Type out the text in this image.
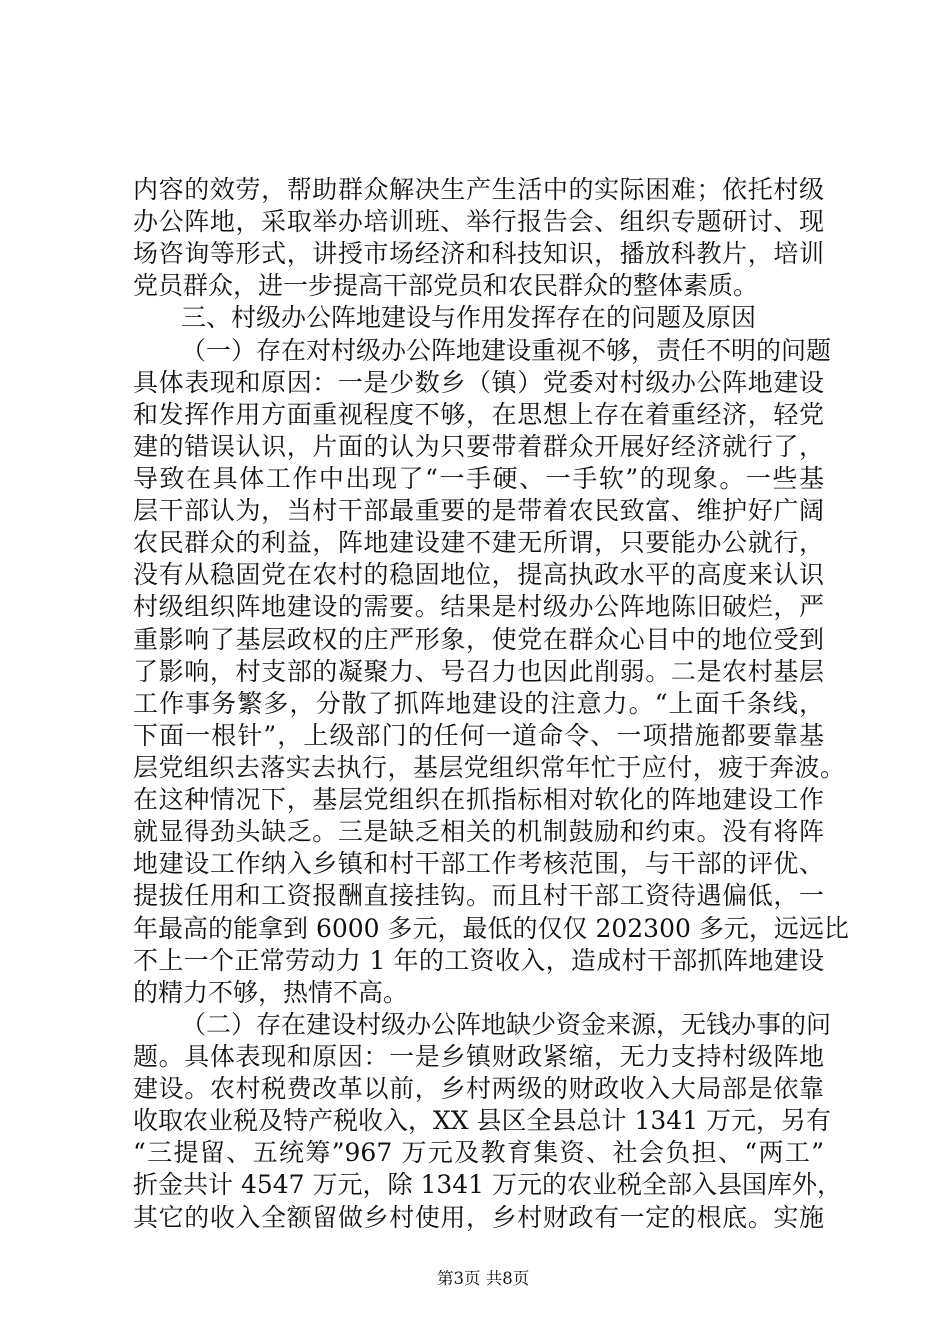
内容的效劳，帮助群众解决生产生活中的实际困难；依托村级
办公阵地，采取举办培训班、举行报告会、组织专题研讨、现
场咨询等形式，讲授市场经济和科技知识，播放科教片，培训
党员群众，进一步提高干部党员和农民群众的整体素质。
三、村级办公阵地建设与作用发挥存在的问题及原因
（一）存在对村级办公阵地建设重视不够，责任不明的问题
具体表现和原因：一是少数乡（镇）党委对村级办公阵地建设
和发挥作用方面重视程度不够，在思想上存在着重经济，轻党
建的错误认识，片面的认为只要带着群众开展好经济就行了，
导致在具体工作中出现了“一手硬、一手软”的现象。一些基
层干部认为，当村干部最重要的是带着农民致富、维护好广阔
农民群众的利益，阵地建设建不建无所谓，只要能办公就行，
没有从稳固党在农村的稳固地位，提高执政水平的高度来认识
村级组织阵地建设的需要。结果是村级办公阵地陈旧破烂，严
重影响了基层政权的庄严形象，使党在群众心目中的地位受到
了影响，村支部的凝聚力、号召力也因此削弱。二是农村基层
工作事务繁多，分散了抓阵地建设的注意力。“上面千条线，
下面一根针”，上级部门的任何一道命令、一项措施都要靠基
层党组织去落实去执行，基层党组织常年忙于应付，疲于奔波。
在这种情况下，基层党组织在抓指标相对软化的阵地建设工作
就显得劲头缺乏。三是缺乏相关的机制鼓励和约束。没有将阵
地建设工作纳入乡镇和村干部工作考核范围，与干部的评优、
提拔任用和工资报酬直接挂钩。而且村干部工资待遇偏低，一
年最高的能拿到 6000 多元，最低的仅仅 202300 多元，远远比
不上一个正常劳动力 1 年的工资收入，造成村干部抓阵地建设
的精力不够，热情不高。
（二）存在建设村级办公阵地缺少资金来源，无钱办事的问
题。具体表现和原因：一是乡镇财政紧缩，无力支持村级阵地
建设。农村税费改革以前，乡村两级的财政收入大局部是依靠
收取农业税及特产税收入，XX 县区全县总计 1341 万元，另有
“三提留、五统筹”967 万元及教育集资、社会负担、“两工”
折金共计 4547 万元，除 1341 万元的农业税全部入县国库外，
其它的收入全额留做乡村使用，乡村财政有一定的根底。实施
第3页 共8页
